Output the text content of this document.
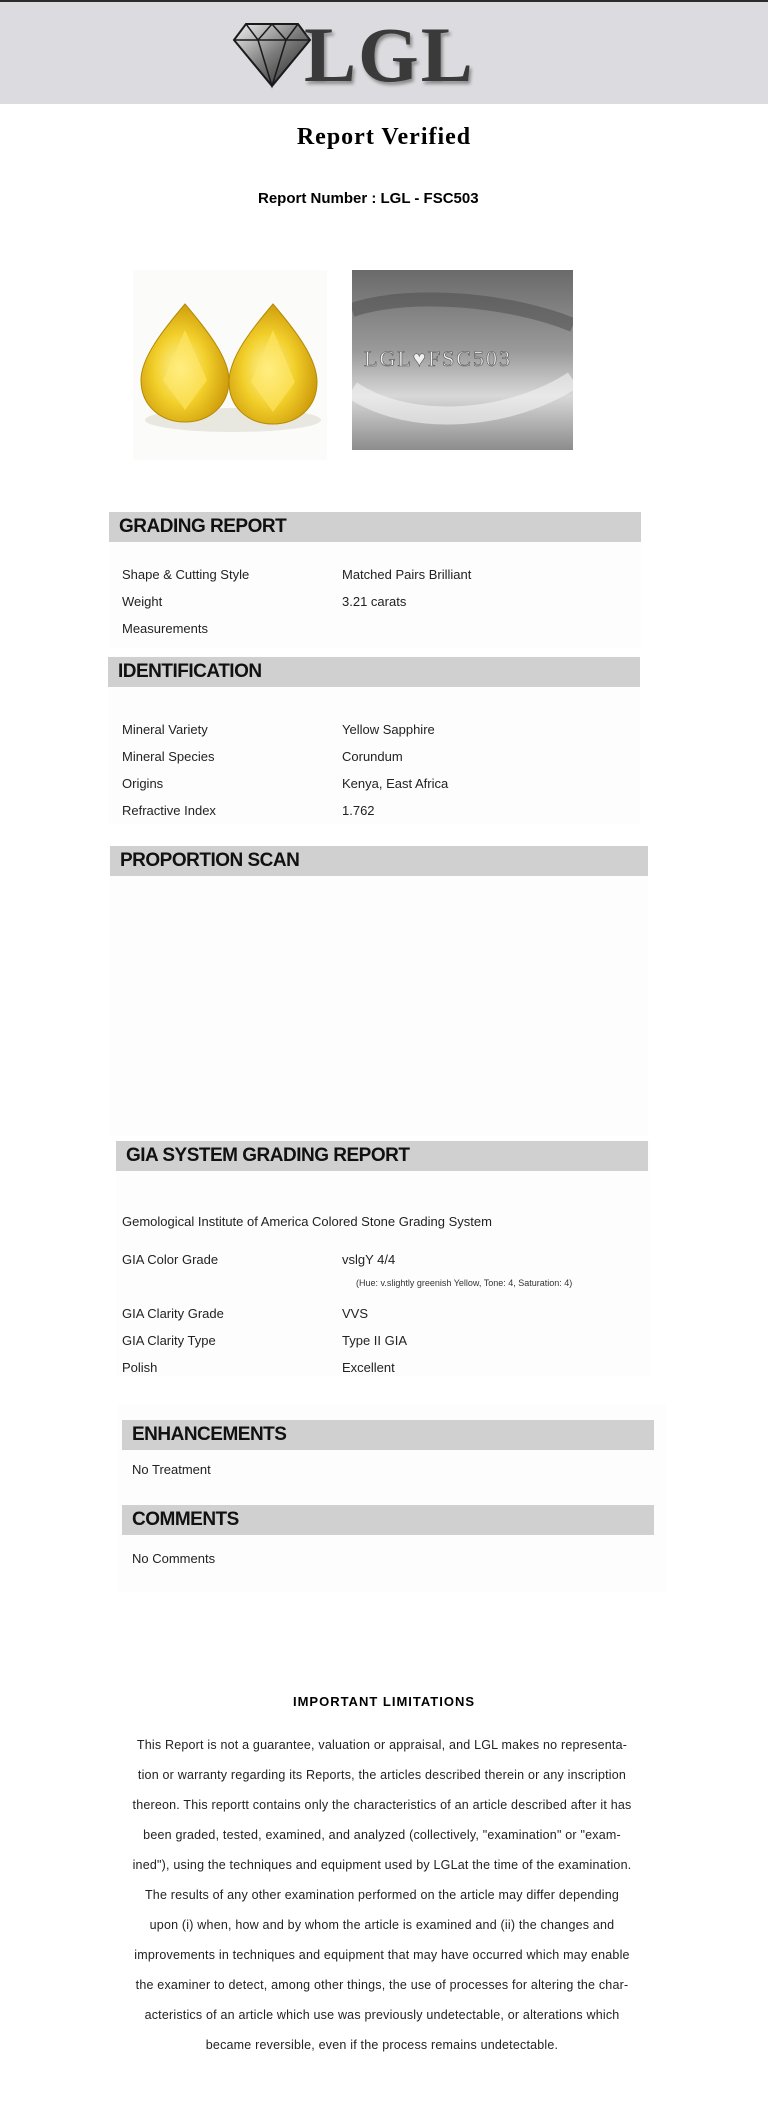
LGL
Report Verified
Report Number : LGL - FSC503
LGL♥FSC503
GRADING REPORT
Shape & Cutting Style	Matched Pairs Brilliant
Weight	3.21 carats
Measurements
IDENTIFICATION
Mineral Variety	Yellow Sapphire
Mineral Species	Corundum
Origins	Kenya, East Africa
Refractive Index	1.762
PROPORTION SCAN
GIA SYSTEM GRADING REPORT
Gemological Institute of America Colored Stone Grading System
GIA Color Grade	vslgY 4/4
(Hue: v.slightly greenish Yellow, Tone: 4, Saturation: 4)
GIA Clarity Grade	VVS
GIA Clarity Type	Type II GIA
Polish	Excellent
ENHANCEMENTS
No Treatment
COMMENTS
No Comments
IMPORTANT LIMITATIONS
This Report is not a guarantee, valuation or appraisal, and LGL makes no representa-
tion or warranty regarding its Reports, the articles described therein or any inscription
thereon. This reportt contains only the characteristics of an article described after it has
been graded, tested, examined, and analyzed (collectively, "examination" or "exam-
ined"), using the techniques and equipment used by LGLat the time of the examination.
The results of any other examination performed on the article may differ depending
upon (i) when, how and by whom the article is examined and (ii) the changes and
improvements in techniques and equipment that may have occurred which may enable
the examiner to detect, among other things, the use of processes for altering the char-
acteristics of an article which use was previously undetectable, or alterations which
became reversible, even if the process remains undetectable.
